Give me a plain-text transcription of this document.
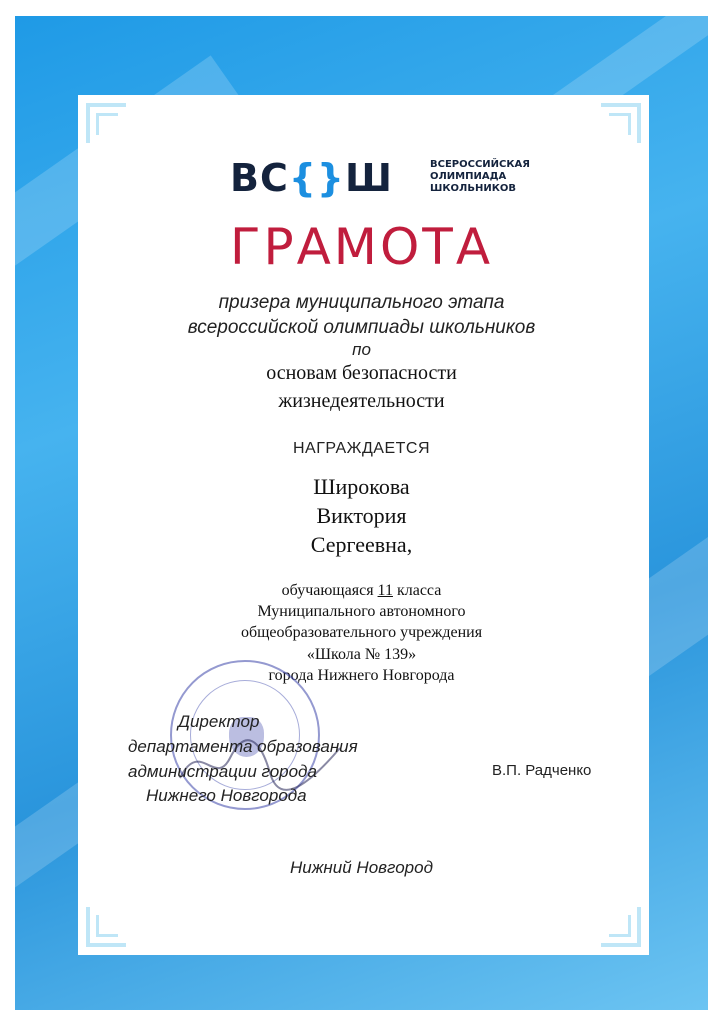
ВС{}Ш	ВСЕРОССИЙСКАЯ
ОЛИМПИАДА
ШКОЛЬНИКОВ
ГРАМОТА
призера муниципального этапа
всероссийской олимпиады школьников
по
основам безопасности
жизнедеятельности
НАГРАЖДАЕТСЯ
Широкова
Виктория
Сергеевна,
обучающаяся 11 класса
Муниципального автономного
общеобразовательного учреждения
«Школа № 139»
города Нижнего Новгорода
Директор
департамента образования
администрации города
Нижнего Новгорода
В.П. Радченко
Нижний Новгород
